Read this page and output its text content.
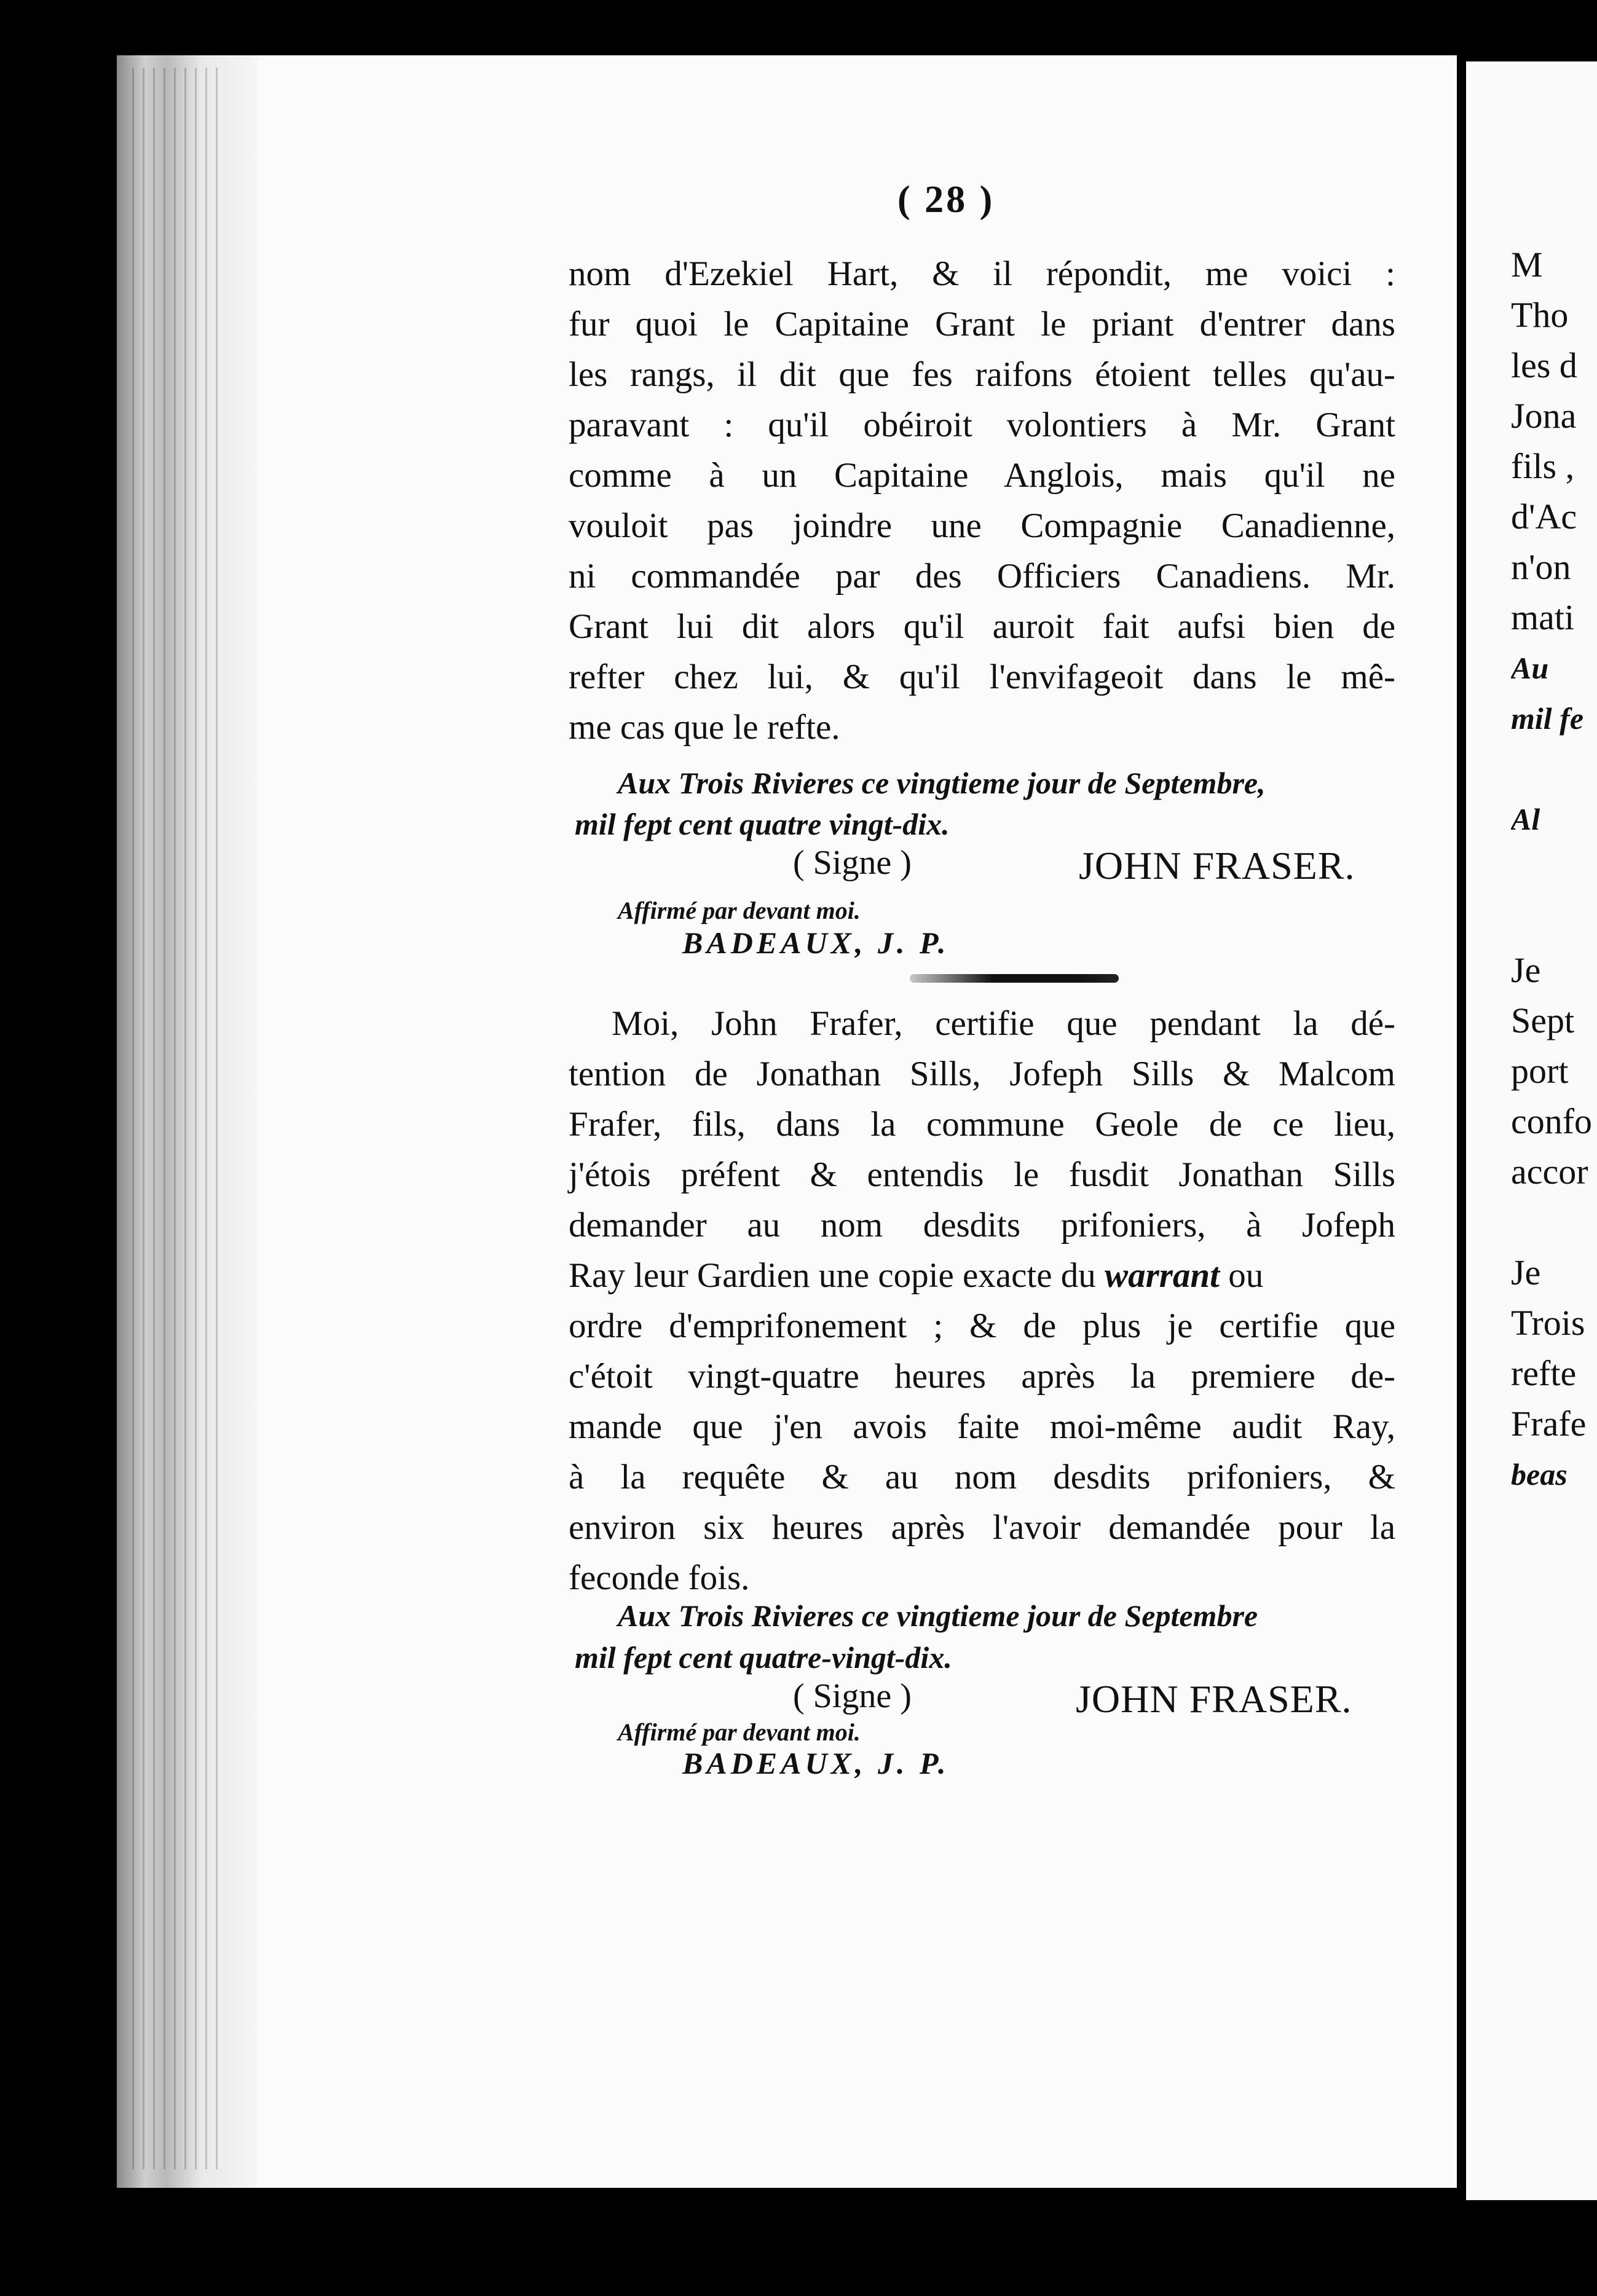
( 28 )
nom d'Ezekiel Hart, & il répondit, me voici :
fur quoi le Capitaine Grant le priant d'entrer dans
les rangs, il dit que fes raifons étoient telles qu'au-
paravant : qu'il obéiroit volontiers à Mr. Grant
comme à un Capitaine Anglois, mais qu'il ne
vouloit pas joindre une Compagnie Canadienne,
ni commandée par des Officiers Canadiens. Mr.
Grant lui dit alors qu'il auroit fait aufsi bien de
refter chez lui, & qu'il l'envifageoit dans le mê-
me cas que le refte.
Aux Trois Rivieres ce vingtieme jour de Septembre,
mil fept cent quatre vingt-dix.
( Signe )	JOHN FRASER.
Affirmé par devant moi.
BADEAUX, J. P.
Moi, John Frafer, certifie que pendant la dé-
tention de Jonathan Sills, Jofeph Sills & Malcom
Frafer, fils, dans la commune Geole de ce lieu,
j'étois préfent & entendis le fusdit Jonathan Sills
demander au nom desdits prifoniers, à Jofeph
Ray leur Gardien une copie exacte du warrant ou
ordre d'emprifonement ; & de plus je certifie que
c'étoit vingt-quatre heures après la premiere de-
mande que j'en avois faite moi-même audit Ray,
à la requête & au nom desdits prifoniers, &
environ six heures après l'avoir demandée pour la
feconde fois.
Aux Trois Rivieres ce vingtieme jour de Septembre
mil fept cent quatre-vingt-dix.
( Signe )	JOHN FRASER.
Affirmé par devant moi.
BADEAUX, J. P.
M
Tho
les d
Jona
fils ,
d'Ac
n'on
mati
Au
mil fe
Al
Je
Sept
port
confo
accor
Je
Trois
refte
Frafe
beas
